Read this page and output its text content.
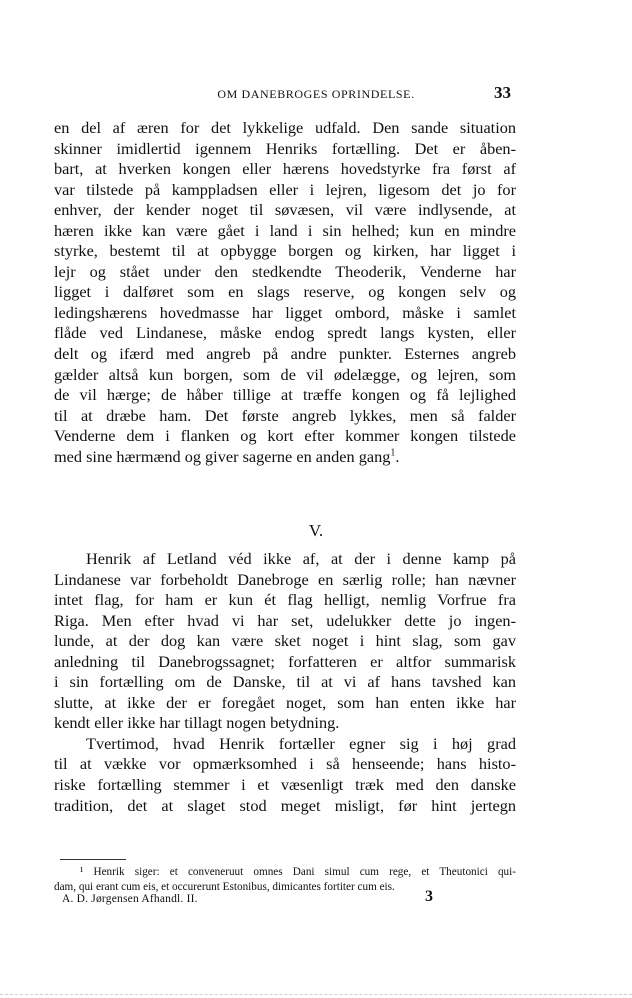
OM DANEBROGES OPRINDELSE.	33
en del af æren for det lykkelige udfald. Den sande situation
skinner imidlertid igennem Henriks fortælling. Det er åben-
bart, at hverken kongen eller hærens hovedstyrke fra først af
var tilstede på kamppladsen eller i lejren, ligesom det jo for
enhver, der kender noget til søvæsen, vil være indlysende, at
hæren ikke kan være gået i land i sin helhed; kun en mindre
styrke, bestemt til at opbygge borgen og kirken, har ligget i
lejr og stået under den stedkendte Theoderik, Venderne har
ligget i dalføret som en slags reserve, og kongen selv og
ledingshærens hovedmasse har ligget ombord, måske i samlet
flåde ved Lindanese, måske endog spredt langs kysten, eller
delt og ifærd med angreb på andre punkter. Esternes angreb
gælder altså kun borgen, som de vil ødelægge, og lejren, som
de vil hærge; de håber tillige at træffe kongen og få lejlighed
til at dræbe ham. Det første angreb lykkes, men så falder
Venderne dem i flanken og kort efter kommer kongen tilstede
med sine hærmænd og giver sagerne en anden gang$^1$.
V.
Henrik af Letland véd ikke af, at der i denne kamp på
Lindanese var forbeholdt Danebroge en særlig rolle; han nævner
intet flag, for ham er kun ét flag helligt, nemlig Vorfrue fra
Riga. Men efter hvad vi har set, udelukker dette jo ingen-
lunde, at der dog kan være sket noget i hint slag, som gav
anledning til Danebrogssagnet; forfatteren er altfor summarisk
i sin fortælling om de Danske, til at vi af hans tavshed kan
slutte, at ikke der er foregået noget, som han enten ikke har
kendt eller ikke har tillagt nogen betydning.
Tvertimod, hvad Henrik fortæller egner sig i høj grad
til at vække vor opmærksomhed i så henseende; hans histo-
riske fortælling stemmer i et væsenligt træk med den danske
tradition, det at slaget stod meget misligt, før hint jertegn
¹ Henrik siger: et conveneruut omnes Dani simul cum rege, et Theutonici qui-
dam, qui erant cum eis, et occurerunt Estonibus, dimicantes fortiter cum eis.
A. D. Jørgensen Afhandl. II.	3
